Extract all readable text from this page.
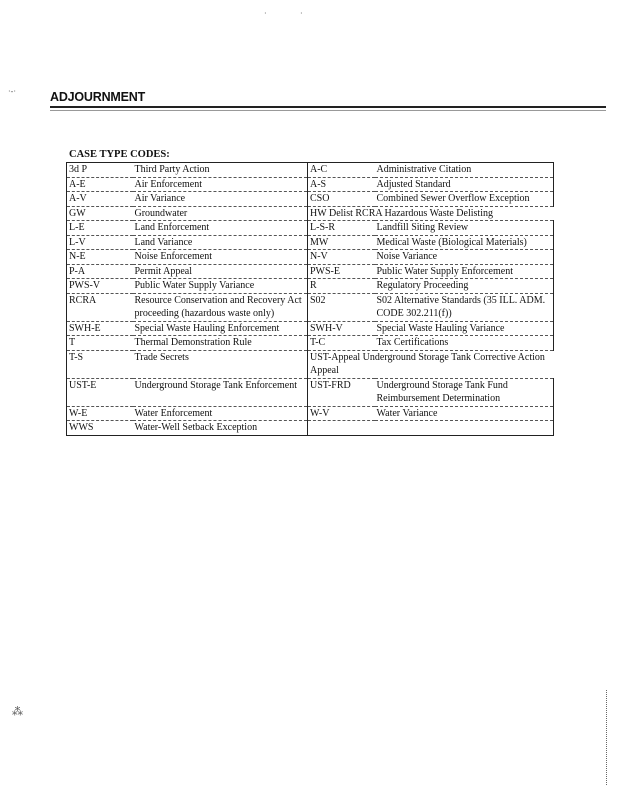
ADJOURNMENT
CASE TYPE CODES:
3d P	Third Party Action	A-C	Administrative Citation
A-E	Air Enforcement	A-S	Adjusted Standard
A-V	Air Variance	CSO	Combined Sewer Overflow Exception
GW	Groundwater	HW Delist RCRA Hazardous Waste Delisting	
L-E	Land Enforcement	L-S-R	Landfill Siting Review
L-V	Land Variance	MW	Medical Waste (Biological Materials)
N-E	Noise Enforcement	N-V	Noise Variance
P-A	Permit Appeal	PWS-E	Public Water Supply Enforcement
PWS-V	Public Water Supply Variance	R	Regulatory Proceeding
RCRA	Resource Conservation and Recovery Act proceeding (hazardous waste only)	S02	S02 Alternative Standards (35 ILL. ADM. CODE 302.211(f))
SWH-E	Special Waste Hauling Enforcement	SWH-V	Special Waste Hauling Variance
T	Thermal Demonstration Rule	T-C	Tax Certifications
T-S	Trade Secrets	UST-Appeal Underground Storage Tank Corrective Action Appeal	
UST-E	Underground Storage Tank Enforcement	UST-FRD	Underground Storage Tank Fund Reimbursement Determination
W-E	Water Enforcement	W-V	Water Variance
WWS	Water-Well Setback Exception		
·-·
·	·
⁂
